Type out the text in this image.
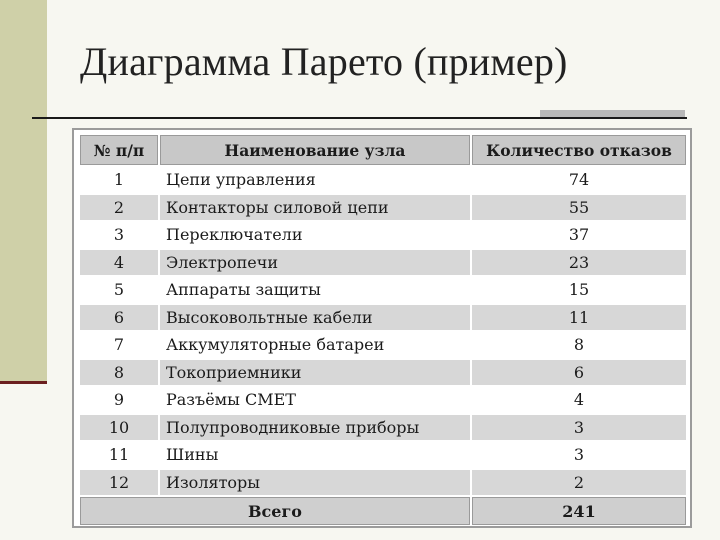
Диаграмма Парето (пример)
№ п/п	Наименование узла	Количество отказов
1	Цепи управления	74
2	Контакторы силовой цепи	55
3	Переключатели	37
4	Электропечи	23
5	Аппараты защиты	15
6	Высоковольтные кабели	11
7	Аккумуляторные батареи	8
8	Токоприемники	6
9	Разъёмы СМЕТ	4
10	Полупроводниковые приборы	3
11	Шины	3
12	Изоляторы	2
Всего		241
